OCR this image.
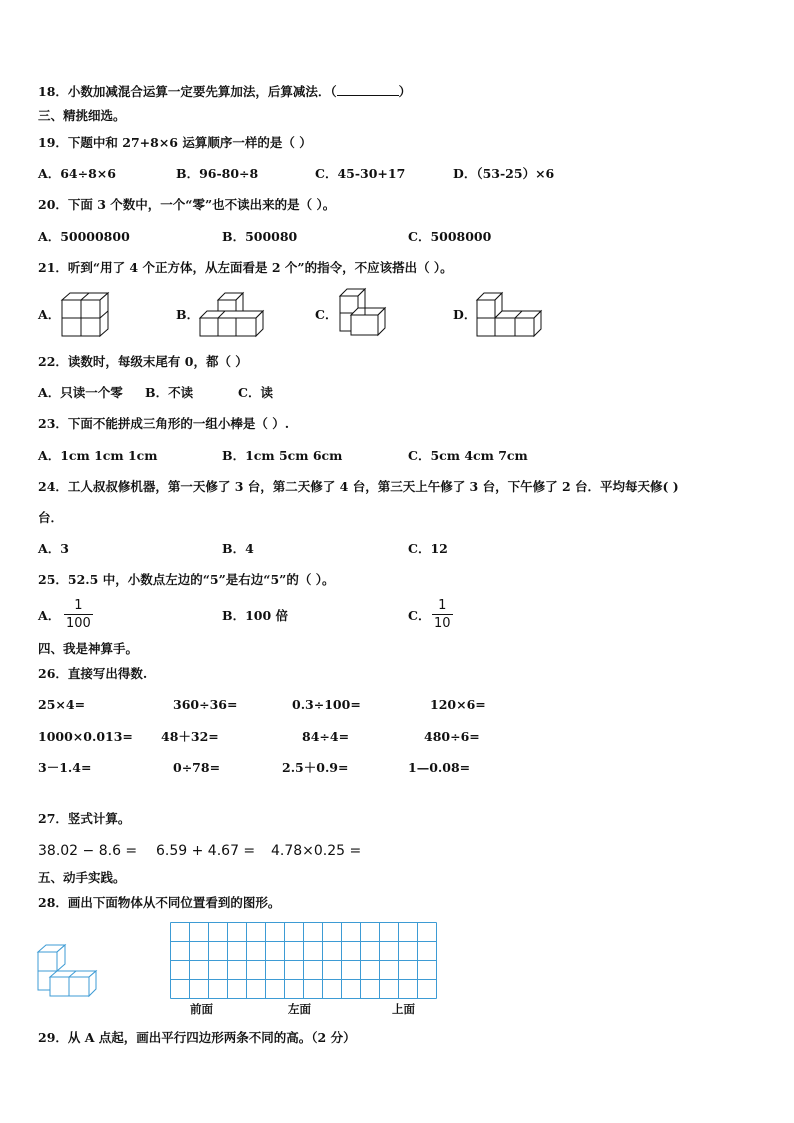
18．小数加减混合运算一定要先算加法，后算减法．（	）
三、精挑细选。
19．下题中和 27+8×6 运算顺序一样的是（ ）
A．64÷8×6	B．96-80÷8	C．45-30+17	D．（53-25）×6
20．下面 3 个数中，一个“零”也不读出来的是（ ）。
A．50000800	B．500080	C．5008000
21．听到“用了 4 个正方体，从左面看是 2 个”的指令，不应该搭出（ ）。
A．	B．	C．	D．
22．读数时，每级末尾有 0，都（ ）
A．只读一个零 B．不读	C．读
23．下面不能拼成三角形的一组小棒是（ ）.
A．1cm 1cm 1cm	B．1cm 5cm 6cm	C．5cm 4cm 7cm
24．工人叔叔修机器，第一天修了 3 台，第二天修了 4 台，第三天上午修了 3 台，下午修了 2 台．平均每天修( )
台．
A．3	B．4	C．12
25．52.5 中，小数点左边的“5”是右边“5”的（ ）。
A．
1
100
B．100 倍	C．
1
10
四、我是神算手。
26．直接写出得数.
25×4=	360÷36=	0.3÷100=	120×6=
1000×0.013= 48＋32=	84÷4=	480÷6=
3－1.4=	0÷78=	2.5＋0.9=	1—0.08=
27．竖式计算。
38.02 − 8.6 = 6.59 + 4.67 = 4.78×0.25 =
五、动手实践。
28．画出下面物体从不同位置看到的图形。
前面	左面	上面
29．从 A 点起，画出平行四边形两条不同的高。（2 分）
